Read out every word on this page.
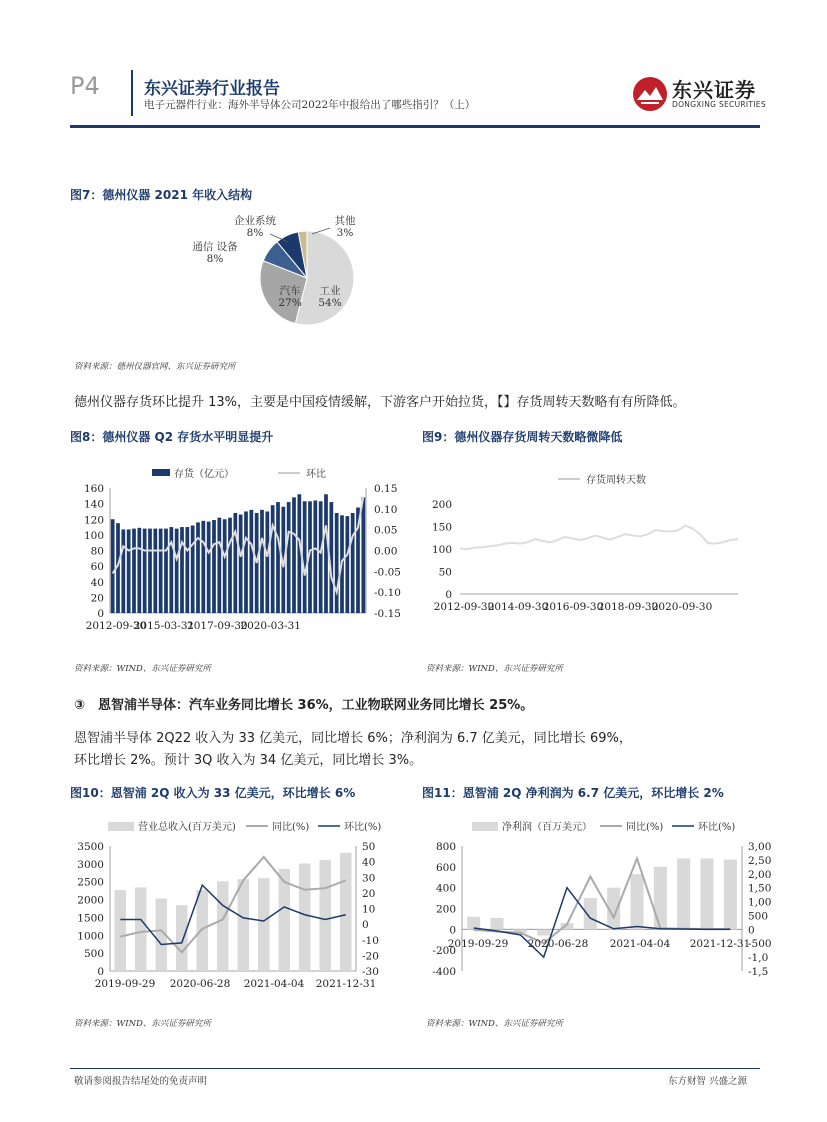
P4	东兴证券行业报告
电子元器件行业：海外半导体公司2022年中报给出了哪些指引？（上）
东兴证券
DONGXING SECURITIES
图7：德州仪器 2021 年收入结构
工业
54%
汽车
27%
通信 设备
8%
企业系统
8%
其他
3%
资料来源：德州仪器官网、东兴证券研究所
德州仪器存货环比提升 13%，主要是中国疫情缓解，下游客户开始拉货，【】存货周转天数略有有所降低。
图8：德州仪器 Q2 存货水平明显提升
存货（亿元）	环比
0
20
40
60
80
100
120
140
160
-0.15
-0.10
-0.05
0.00
0.05
0.10
0.15
2012-09-30
2015-03-31
2017-09-30
2020-03-31
资料来源：WIND、东兴证券研究所
图9：德州仪器存货周转天数略微降低
存货周转天数
0
50
100
150
200
2012-09-30
2014-09-30
2016-09-30
2018-09-30
2020-09-30
资料来源：WIND、东兴证券研究所
③　恩智浦半导体：汽车业务同比增长 36%，工业物联网业务同比增长 25%。
恩智浦半导体 2Q22 收入为 33 亿美元，同比增长 6%；净利润为 6.7 亿美元，同比增长 69%，
环比增长 2%。预计 3Q 收入为 34 亿美元，同比增长 3%。
图10：恩智浦 2Q 收入为 33 亿美元，环比增长 6%
营业总收入(百万美元)	同比(%)	环比(%)
0
500
1000
1500
2000
2500
3000
3500	50
40
30
20
10
0
-10
-20
-30
2019-09-29 2020-06-28 2021-04-04 2021-12-31
资料来源：WIND、东兴证券研究所
图11：恩智浦 2Q 净利润为 6.7 亿美元，环比增长 2%
净利润（百万美元）	同比(%)	环比(%)
-400
-200
0
200
400
600
800	3,00
2,50
2,00
1,50
1,00
500
0
-500
-1,0
-1,5
2019-09-29 2020-06-28 2021-04-04 2021-12-31
资料来源：WIND、东兴证券研究所
敬请参阅报告结尾处的免责声明	东方财智 兴盛之源
